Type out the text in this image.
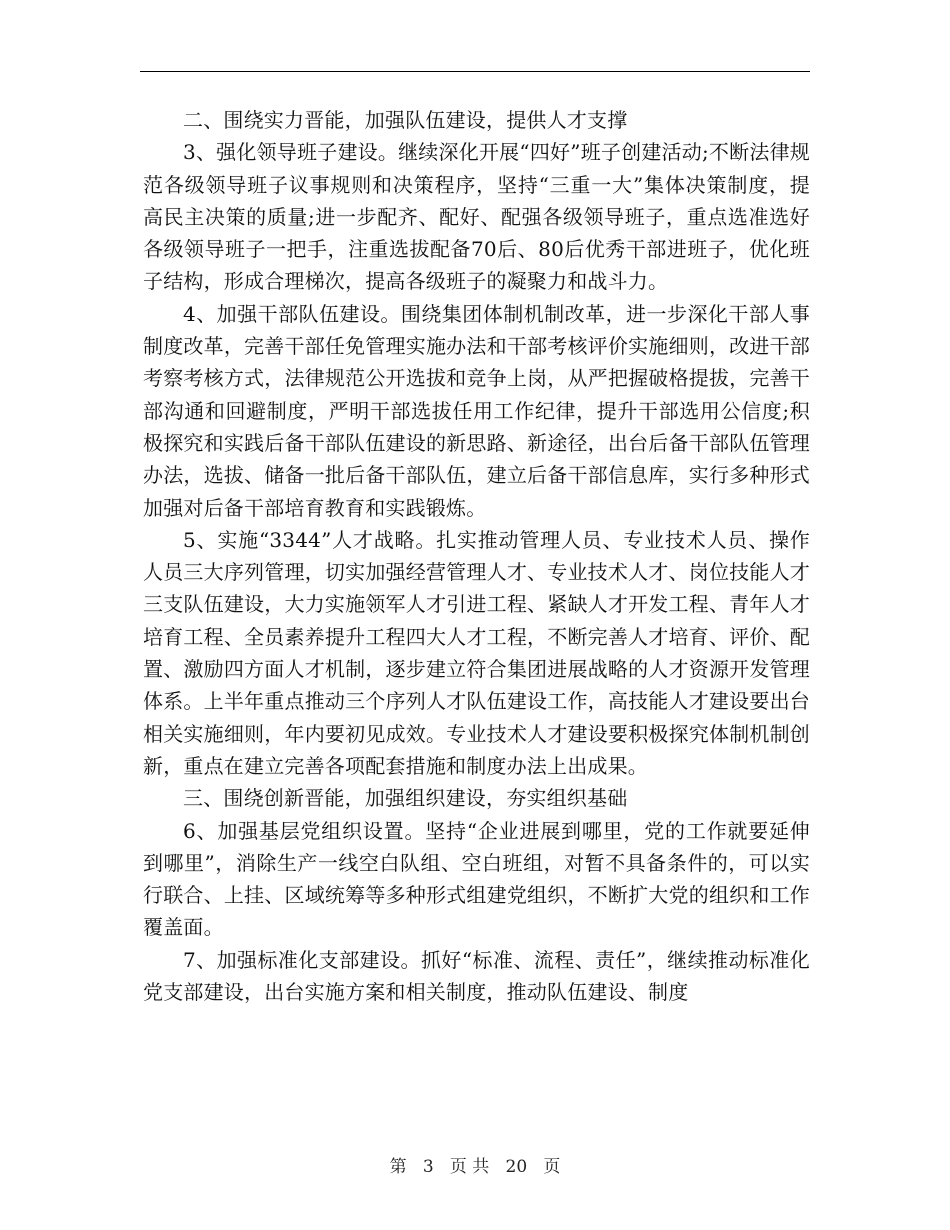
二、围绕实力晋能，加强队伍建设，提供人才支撑

3、强化领导班子建设。继续深化开展“四好”班子创建活动;不断法律规范各级领导班子议事规则和决策程序，坚持“三重一大”集体决策制度，提高民主决策的质量;进一步配齐、配好、配强各级领导班子，重点选准选好各级领导班子一把手，注重选拔配备70后、80后优秀干部进班子，优化班子结构，形成合理梯次，提高各级班子的凝聚力和战斗力。

4、加强干部队伍建设。围绕集团体制机制改革，进一步深化干部人事制度改革，完善干部任免管理实施办法和干部考核评价实施细则，改进干部考察考核方式，法律规范公开选拔和竞争上岗，从严把握破格提拔，完善干部沟通和回避制度，严明干部选拔任用工作纪律，提升干部选用公信度;积极探究和实践后备干部队伍建设的新思路、新途径，出台后备干部队伍管理办法，选拔、储备一批后备干部队伍，建立后备干部信息库，实行多种形式加强对后备干部培育教育和实践锻炼。

5、实施“3344”人才战略。扎实推动管理人员、专业技术人员、操作人员三大序列管理，切实加强经营管理人才、专业技术人才、岗位技能人才三支队伍建设，大力实施领军人才引进工程、紧缺人才开发工程、青年人才培育工程、全员素养提升工程四大人才工程，不断完善人才培育、评价、配置、激励四方面人才机制，逐步建立符合集团进展战略的人才资源开发管理体系。上半年重点推动三个序列人才队伍建设工作，高技能人才建设要出台相关实施细则，年内要初见成效。专业技术人才建设要积极探究体制机制创新，重点在建立完善各项配套措施和制度办法上出成果。

三、围绕创新晋能，加强组织建设，夯实组织基础

6、加强基层党组织设置。坚持“企业进展到哪里，党的工作就要延伸到哪里”，消除生产一线空白队组、空白班组，对暂不具备条件的，可以实行联合、上挂、区域统筹等多种形式组建党组织，不断扩大党的组织和工作覆盖面。

7、加强标准化支部建设。抓好“标准、流程、责任”，继续推动标准化党支部建设，出台实施方案和相关制度，推动队伍建设、制度

第 3 页 共 20 页
